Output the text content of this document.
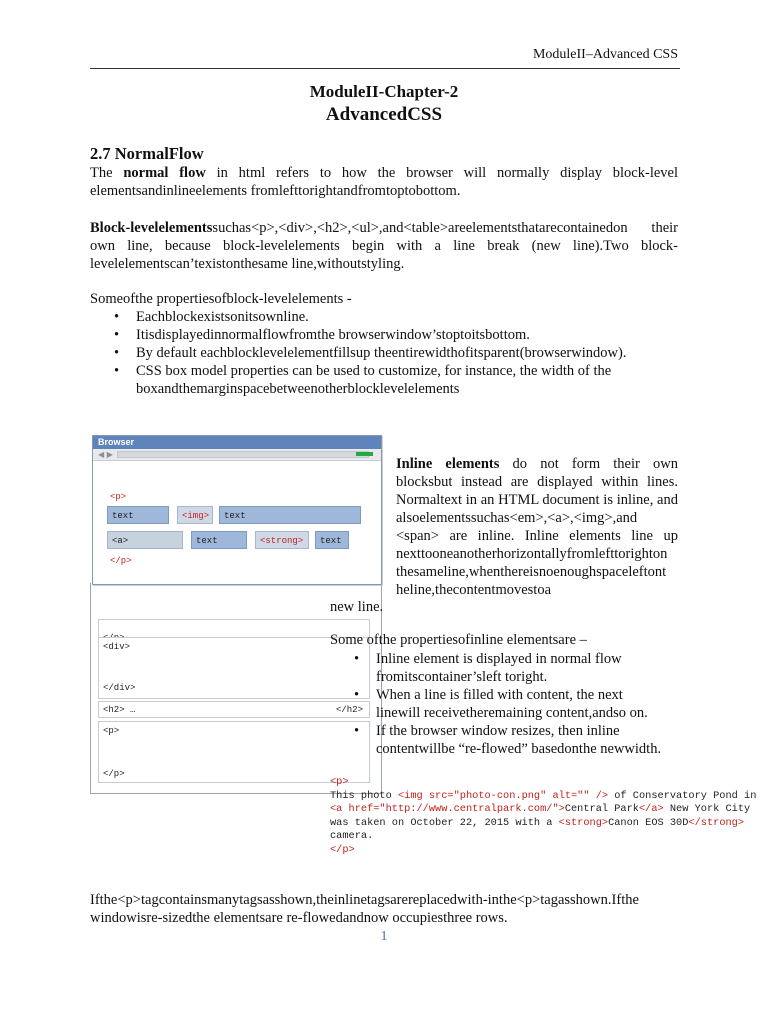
ModuleII–Advanced CSS
ModuleII-Chapter-2
AdvancedCSS
2.7 NormalFlow
The normal flow in html refers to how the browser will normally display block-level elementsandinlineelements fromlefttorightandfromtoptobottom.
Block-levelelementssuchas<p>,<div>,<h2>,<ul>,and<table>areelementsthatarecontainedon their own line, because block-levelelements begin with a line break (new line).Two block-levelelementscan’texistonthesame line,withoutstyling.
Someofthe propertiesofblock-levelelements -
• Eachblockexistsonitsownline.
• Itisdisplayedinnormalflowfromthe browserwindow’stoptoitsbottom.
• By default eachblocklevelelementfillsup theentirewidthofitsparent(browserwindow).
• CSS box model properties can be used to customize, for instance, the width of the boxandthemarginspacebetweenotherblocklevelelements
<div>
</div>
<h2> …	</h2>
<p>
</p>
Browser
◀ ▶
<p>
text	<img>	text
<a>	text	<strong>	text
</p>
Inline elements do not form their own blocksbut instead are displayed within lines. Normaltext in an HTML document is inline, and alsoelementssuchas<em>,<a>,<img>,and <span> are inline. Inline elements line up nexttooneanotherhorizontallyfromlefttorighton thesameline,whenthereisnoenoughspaceleftont heline,thecontentmovestoa
new line.
Some ofthe propertiesofinline elementsare –
• Inline element is displayed in normal flow fromitscontainer’sleft toright.
• When a line is filled with content, the next linewill receivetheremaining content,andso on.
• If the browser window resizes, then inline contentwillbe “re-flowed” basedonthe newwidth.
<p>
This photo <img src="photo-con.png" alt="" /> of Conservatory Pond in
<a href="http://www.centralpark.com/">Central Park</a> New York City
was taken on October 22, 2015 with a <strong>Canon EOS 30D</strong>
camera.
</p>
Ifthe<p>tagcontainsmanytagsasshown,theinlinetagsarereplacedwith-inthe<p>tagasshown.Ifthe windowisre-sizedthe elementsare re-flowedandnow occupiesthree rows.
1
